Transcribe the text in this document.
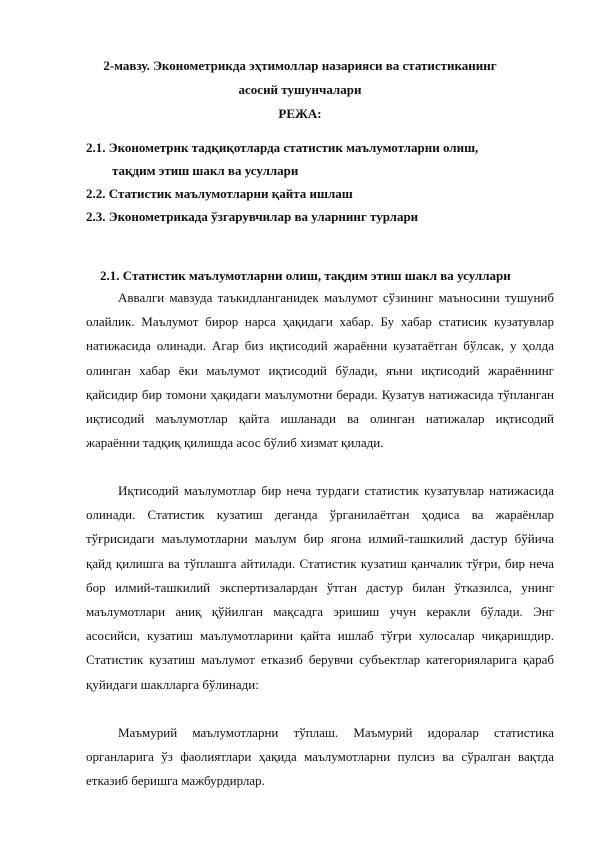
2-мавзу. Эконометрикда эҳтимоллар назарияси ва статистиканинг

асосий тушунчалари

РЕЖА:

2.1. Эконометрик тадқиқотларда статистик маълумотларни олиш,

тақдим этиш шакл ва усуллари

2.2. Статистик маълумотларни қайта ишлаш

2.3. Эконометрикада ўзгарувчилар ва уларнинг турлари

2.1. Статистик маълумотларни олиш, тақдим этиш шакл ва усуллари

Аввалги мавзуда таъкидланганидек маълумот сўзининг маъносини тушуниб олайлик. Маълумот бирор нарса ҳақидаги хабар. Бу хабар статисик кузатувлар натижасида олинади. Агар биз иқтисодий жараённи кузатаётган бўлсак, у ҳолда олинган хабар ёки маълумот иқтисодий бўлади, яъни иқтисодий жараённинг қайсидир бир томони ҳақидаги маълумотни беради. Кузатув натижасида тўпланган иқтисодий маълумотлар қайта ишланади ва олинган натижалар иқтисодий жараённи тадқиқ қилишда асос бўлиб хизмат қилади.

Иқтисодий маълумотлар бир неча турдаги статистик кузатувлар натижасида олинади. Статистик кузатиш деганда ўрганилаётган ҳодиса ва жараёнлар тўғрисидаги маълумотларни маълум бир ягона илмий-ташкилий дастур бўйича қайд қилишга ва тўплашга айтилади. Статистик кузатиш қанчалик тўғри, бир неча бор илмий-ташкилий экспертизалардан ўтган дастур билан ўтказилса, унинг маълумотлари аниқ қўйилган мақсадга эришиш учун керакли бўлади. Энг асосийси, кузатиш маълумотларини қайта ишлаб тўғри хулосалар чиқаришдир. Статистик кузатиш маълумот етказиб берувчи субъектлар категорияларига қараб қуйидаги шаклларга бўлинади:

Маъмурий маълумотларни тўплаш. Маъмурий идоралар статистика органларига ўз фаолиятлари ҳақида маълумотларни пулсиз ва сўралган вақтда етказиб беришга мажбурдирлар.
